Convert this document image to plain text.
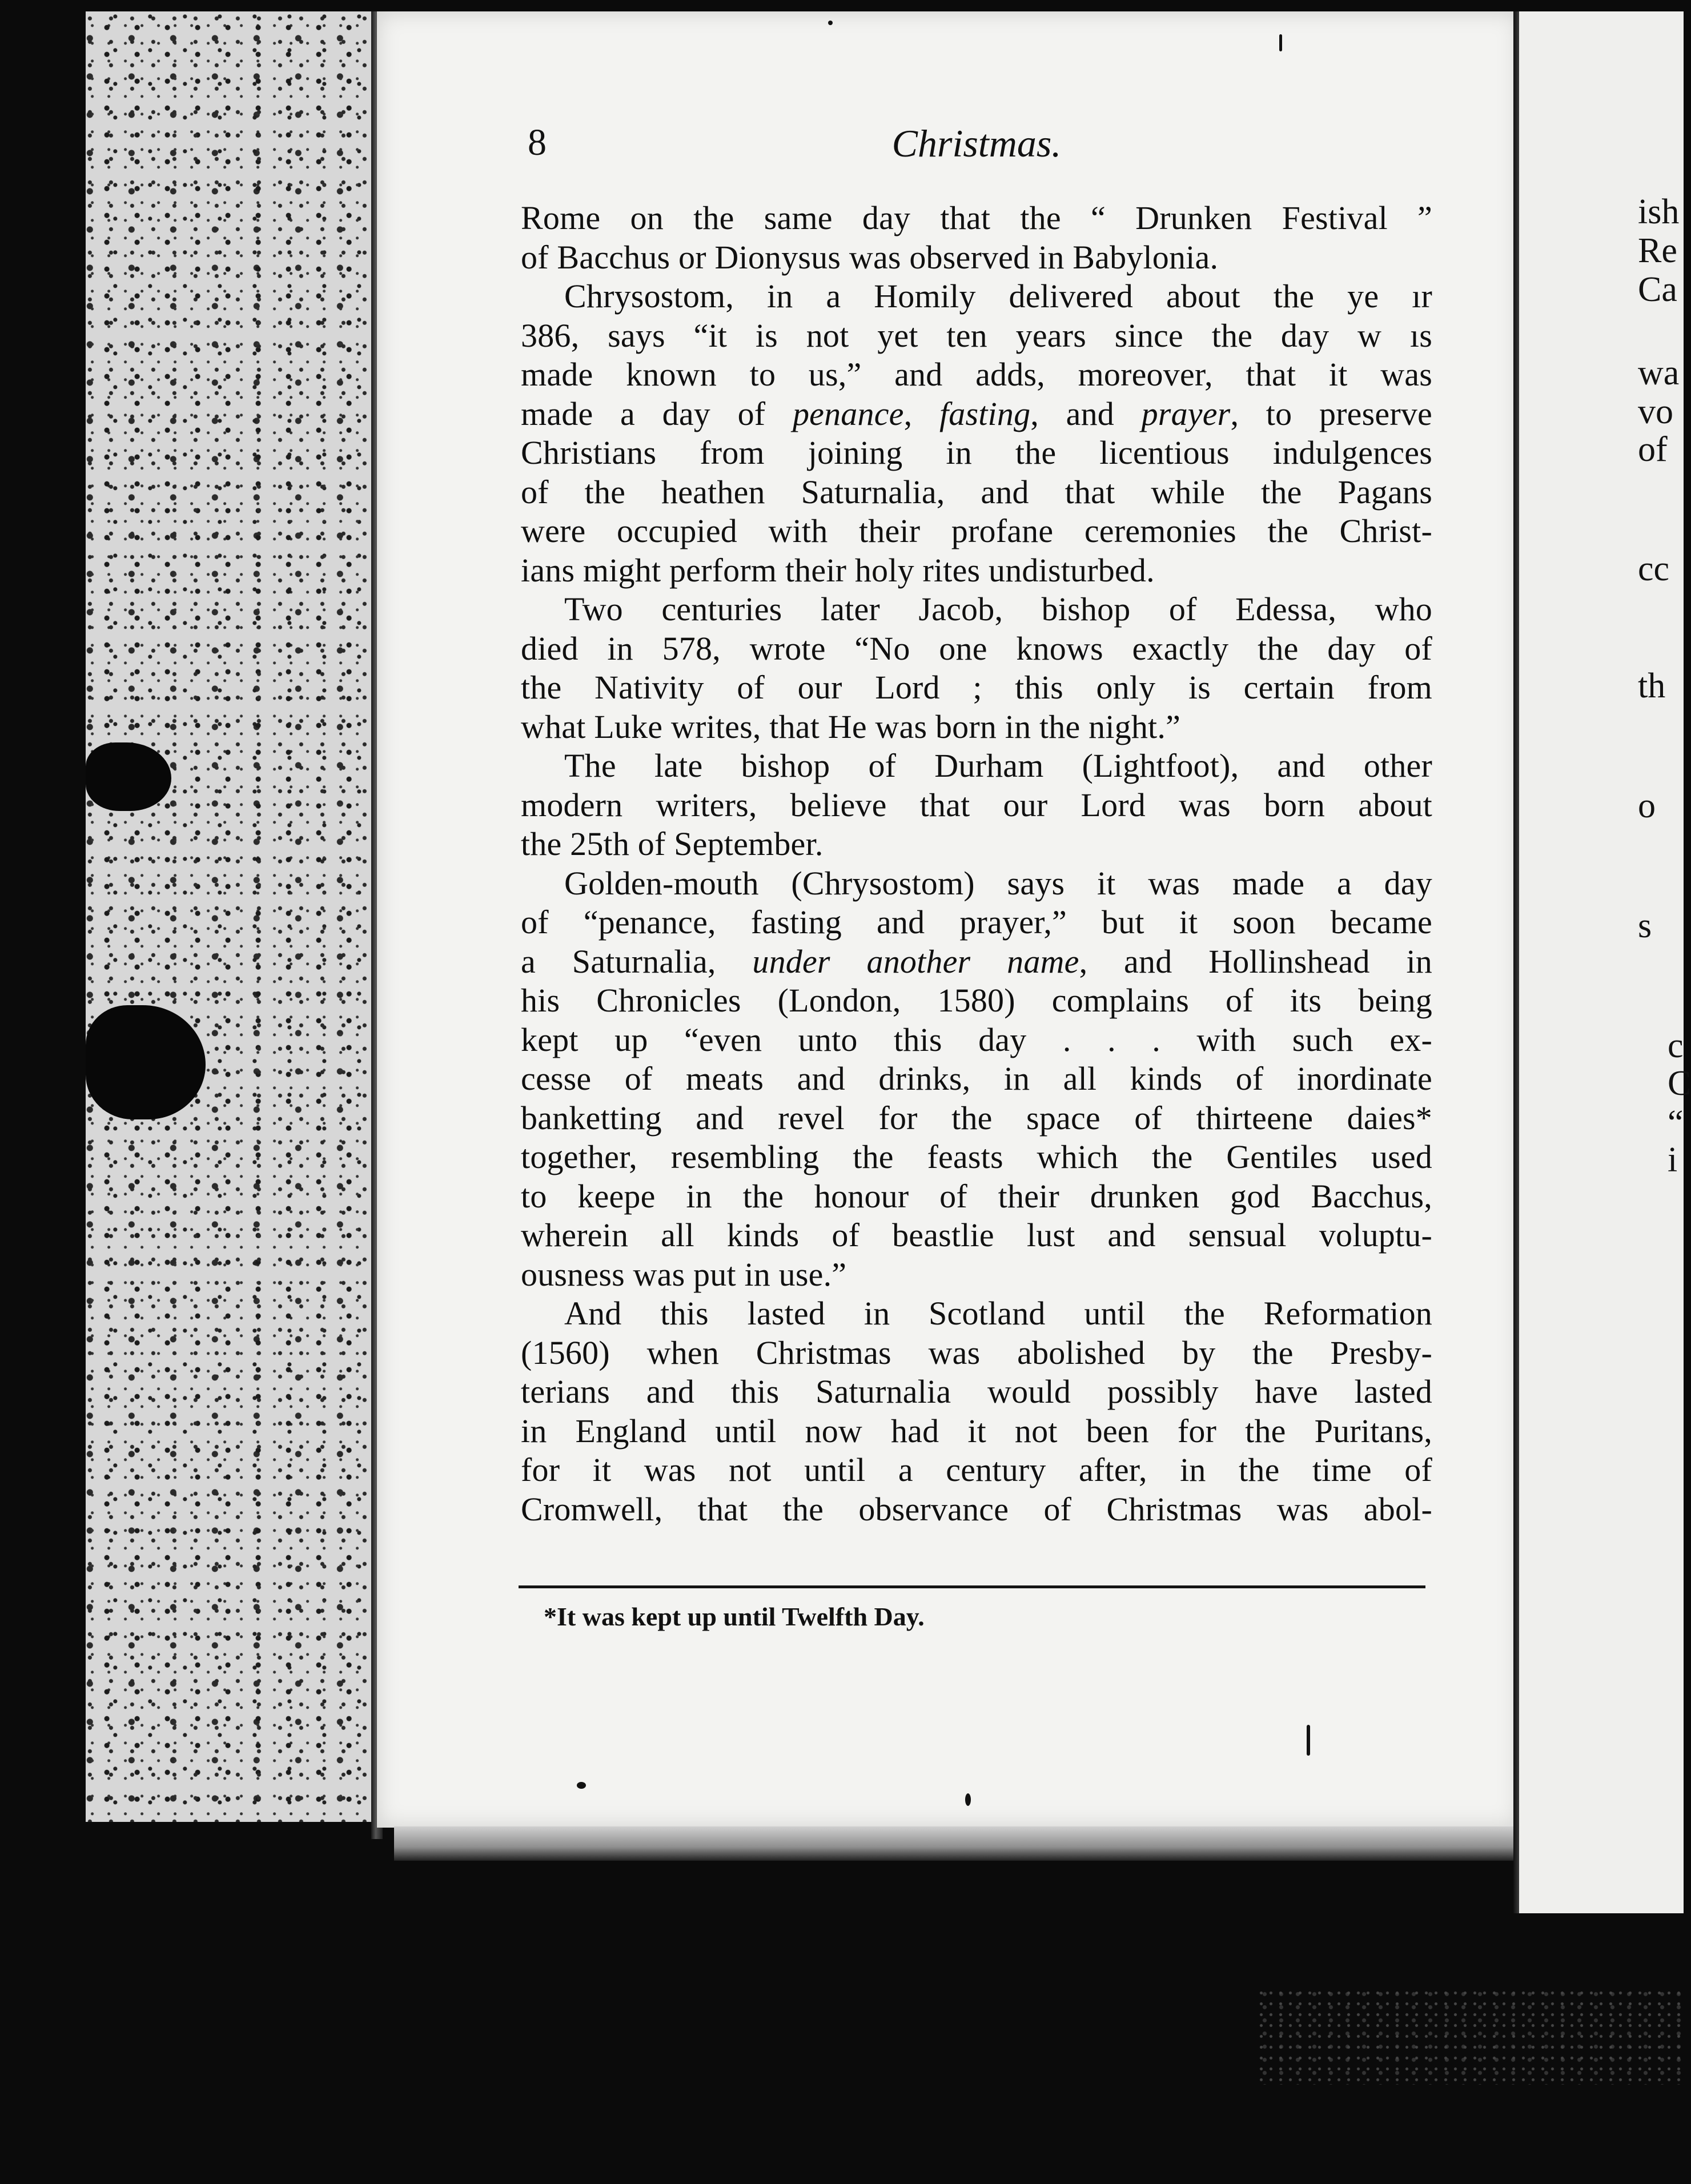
ish
Re
Ca
wa
vo
of
cc
th
o
s
c
C
“
i
8	Christmas.
Rome on the same day that the “ Drunken Festival ”
of Bacchus or Dionysus was observed in Babylonia.
Chrysostom, in a Homily delivered about the ye ır
386, says “it is not yet ten years since the day w ıs
made known to us,” and adds, moreover, that it was
made a day of penance, fasting, and prayer, to preserve
Christians from joining in the licentious indulgences
of the heathen Saturnalia, and that while the Pagans
were occupied with their profane ceremonies the Christ-
ians might perform their holy rites undisturbed.
Two centuries later Jacob, bishop of Edessa, who
died in 578, wrote “No one knows exactly the day of
the Nativity of our Lord ; this only is certain from
what Luke writes, that He was born in the night.”
The late bishop of Durham (Lightfoot), and other
modern writers, believe that our Lord was born about
the 25th of September.
Golden-mouth (Chrysostom) says it was made a day
of “penance, fasting and prayer,” but it soon became
a Saturnalia, under another name, and Hollinshead in
his Chronicles (London, 1580) complains of its being
kept up “even unto this day . . . with such ex-
cesse of meats and drinks, in all kinds of inordinate
banketting and revel for the space of thirteene daies*
together, resembling the feasts which the Gentiles used
to keepe in the honour of their drunken god Bacchus,
wherein all kinds of beastlie lust and sensual voluptu-
ousness was put in use.”
And this lasted in Scotland until the Reformation
(1560) when Christmas was abolished by the Presby-
terians and this Saturnalia would possibly have lasted
in England until now had it not been for the Puritans,
for it was not until a century after, in the time of
Cromwell, that the observance of Christmas was abol-
*It was kept up until Twelfth Day.
